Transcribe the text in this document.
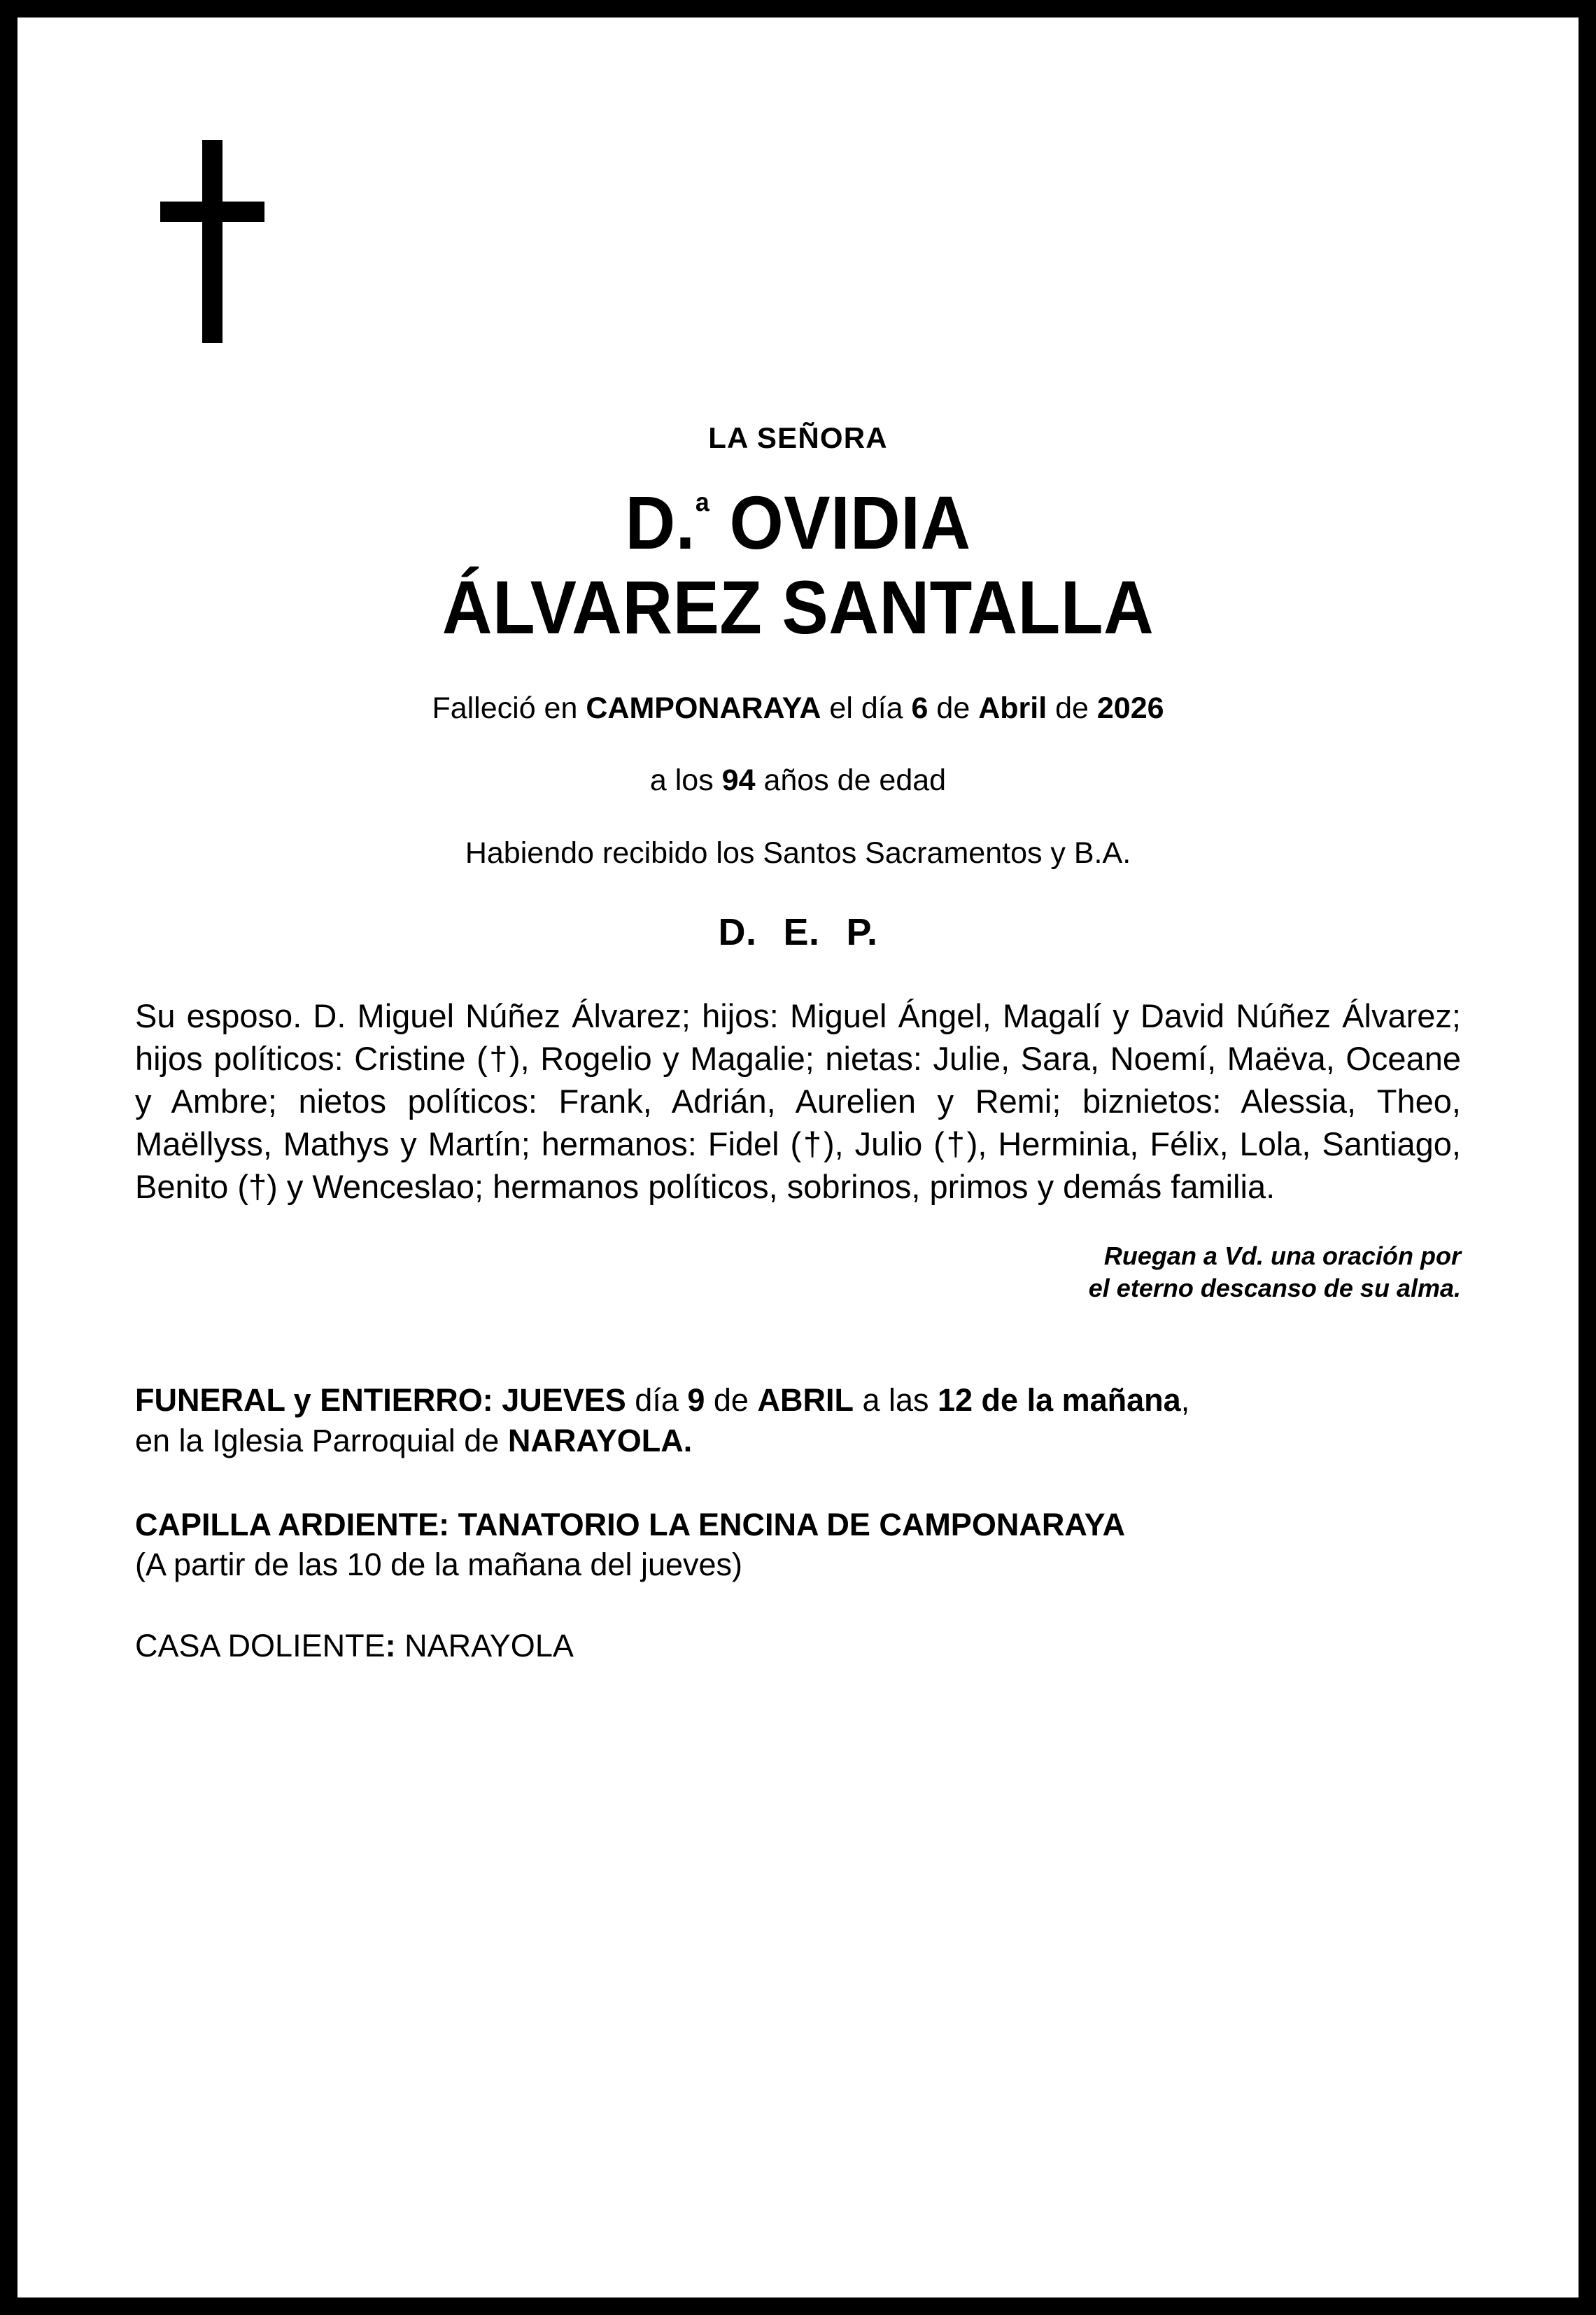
LA SEÑORA
D.$^ª$ OVIDIA
ÁLVAREZ SANTALLA
Falleció en CAMPONARAYA el día 6 de Abril de 2026
a los 94 años de edad
Habiendo recibido los Santos Sacramentos y B.A.
D. E. P.
Su esposo. D. Miguel Núñez Álvarez; hijos: Miguel Ángel, Magalí y David Núñez Álvarez; hijos políticos: Cristine (†), Rogelio y Magalie; nietas: Julie, Sara, Noemí, Maëva, Oceane y Ambre; nietos políticos: Frank, Adrián, Aurelien y Remi; biznietos: Alessia, Theo, Maëllyss, Mathys y Martín; hermanos: Fidel (†), Julio (†), Herminia, Félix, Lola, Santiago, Benito (†) y Wenceslao; hermanos políticos, sobrinos, primos y demás familia.
Ruegan a Vd. una oración por
el eterno descanso de su alma.
FUNERAL y ENTIERRO: JUEVES día 9 de ABRIL a las 12 de la mañana,
en la Iglesia Parroquial de NARAYOLA.
CAPILLA ARDIENTE: TANATORIO LA ENCINA DE CAMPONARAYA
(A partir de las 10 de la mañana del jueves)
CASA DOLIENTE: NARAYOLA
